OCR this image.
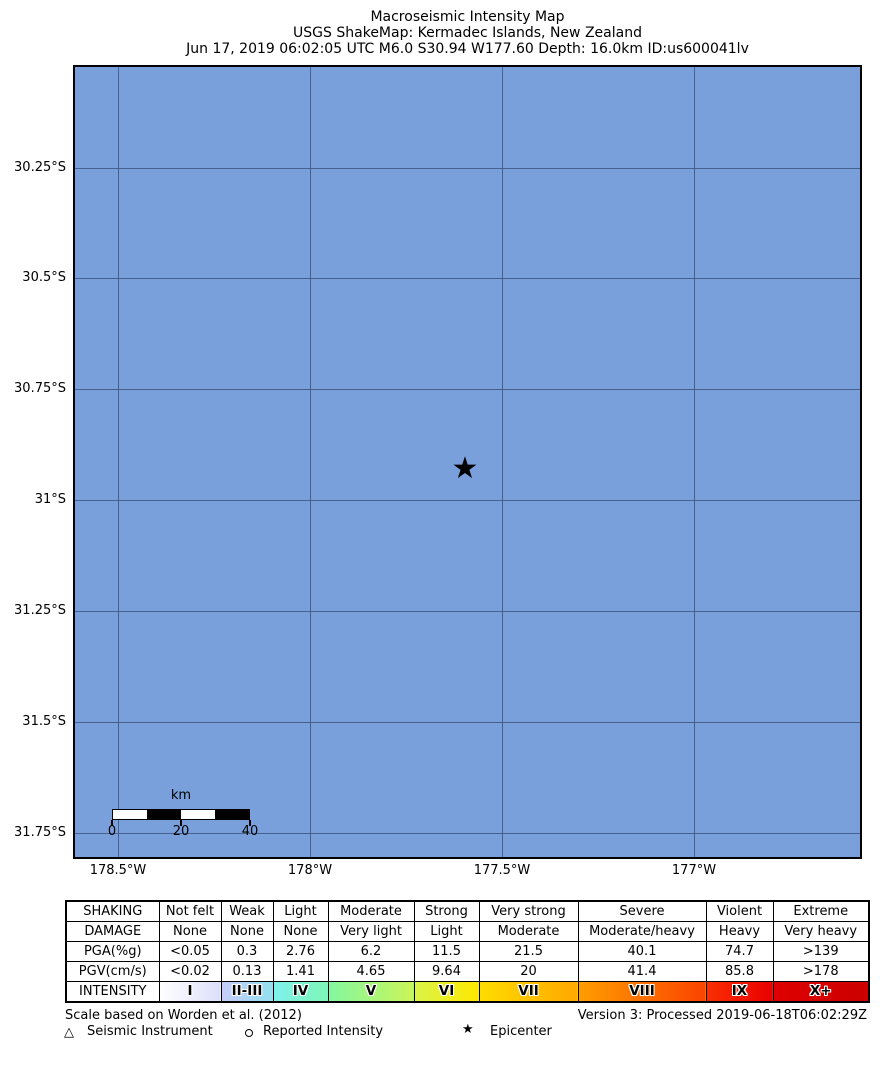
Macroseismic Intensity Map
USGS ShakeMap: Kermadec Islands, New Zealand
Jun 17, 2019 06:02:05 UTC M6.0 S30.94 W177.60 Depth: 16.0km ID:us600041lv
★
km
0	20	40
30.25°S
30.5°S
30.75°S
31°S
31.25°S
31.5°S
31.75°S
178.5°W	178°W	177.5°W	177°W
SHAKING	Not felt	Weak	Light	Moderate	Strong	Very strong	Severe	Violent	Extreme
DAMAGE	None	None	None	Very light	Light	Moderate	Moderate/heavy	Heavy	Very heavy
PGA(%g)	<0.05	0.3	2.76	6.2	11.5	21.5	40.1	74.7	>139
PGV(cm/s)	<0.02	0.13	1.41	4.65	9.64	20	41.4	85.8	>178
INTENSITY	I	II-III	IV	V	VI	VII	VIII	IX	X+
Scale based on Worden et al. (2012)	Version 3: Processed 2019-06-18T06:02:29Z
△ Seismic Instrument	Reported Intensity	★ Epicenter
